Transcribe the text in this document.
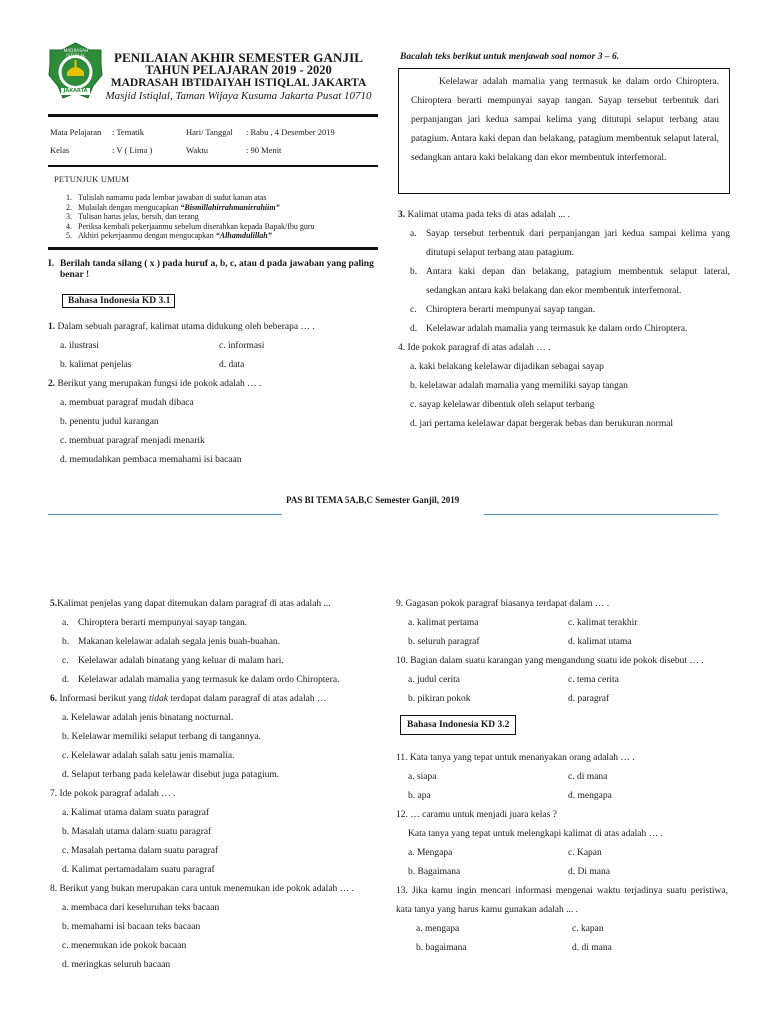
MADRASAH ISTIQLAL
JAKARTA
PENILAIAN AKHIR SEMESTER GANJIL
TAHUN PELAJARAN 2019 - 2020
MADRASAH IBTIDAIYAH ISTIQLAL JAKARTA
Masjid Istiqlal, Taman Wijaya Kusuma Jakarta Pusat 10710
Mata Pelajaran	: Tematik	Hari/ Tanggal	: Rabu , 4 Desember 2019
Kelas	: V ( Lima )	Waktu	: 90 Menit
PETUNJUK UMUM
1. Tulislah namamu pada lembar jawaban di sudut kanan atas
2. Mulailah dengan mengucapkan “Bismillahirrahmanirrahiim”
3. Tulisan harus jelas, bersih, dan terang
4. Periksa kembali pekerjaanmu sebelum diserahkan kepada Bapak/Ibu guru
5. Akhiri pekerjaanmu dengan mengucapkan “Alhamdulillah”
I. Berilah tanda silang ( x ) pada huruf a, b, c, atau d pada jawaban yang paling benar !
Bahasa Indonesia KD 3.1
1. Dalam sebuah paragraf, kalimat utama didukung oleh beberapa … .
a. ilustrasi	c. informasi
b. kalimat penjelas	d. data
2. Berikut yang merupakan fungsi ide pokok adalah … .
a. membuat paragraf mudah dibaca
b. penentu judul karangan
c. membuat paragraf menjadi menarik
d. memudahkan pembaca memahami isi bacaan
Bacalah teks berikut untuk menjawab soal nomor 3 – 6.

Kelelawar adalah mamalia yang termasuk ke dalam ordo Chiroptera. Chiroptera berarti mempunyai sayap tangan. Sayap tersebut terbentuk dari perpanjangan jari kedua sampai kelima yang ditutupi selaput terbang atau patagium. Antara kaki depan dan belakang, patagium membentuk selaput lateral, sedangkan antara kaki belakang dan ekor membentuk interfemoral.

3. Kalimat utama pada teks di atas adalah ... .
a. Sayap tersebut terbentuk dari perpanjangan jari kedua sampai kelima yang ditutupi selaput terbang atau patagium.
b. Antara kaki depan dan belakang, patagium membentuk selaput lateral, sedangkan antara kaki belakang dan ekor membentuk interfemoral.
c. Chiroptera berarti mempunyai sayap tangan.
d. Kelelawar adalah mamalia yang termasuk ke dalam ordo Chiroptera.
4. Ide pokok paragraf di atas adalah … .
a. kaki belakang kelelawar dijadikan sebagai sayap
b. kelelawar adalah mamalia yang memiliki sayap tangan
c. sayap kelelawar dibentuk oleh selaput terbang
d. jari pertama kelelawar dapat bergerak bebas dan berukuran normal
PAS BI TEMA 5A,B,C Semester Ganjil, 2019
5. Kalimat penjelas yang dapat ditemukan dalam paragraf di atas adalah ...
a. Chiroptera berarti mempunyai sayap tangan.
b. Makanan kelelawar adalah segala jenis buah-buahan.
c. Kelelawar adalah binatang yang keluar di malam hari.
d. Kelelawar adalah mamalia yang termasuk ke dalam ordo Chiroptera.
6. Informasi berikut yang tidak terdapat dalam paragraf di atas adalah …
a. Kelelawar adalah jenis binatang nocturnal.
b. Kelelawar memiliki selaput terbang di tangannya.
c. Kelelawar adalah salah satu jenis mamalia.
d. Selaput terbang pada kelelawar disebut juga patagium.
7. Ide pokok paragraf adalah … .
a. Kalimat utama dalam suatu paragraf
b. Masalah utama dalam suatu paragraf
c. Masalah pertama dalam suatu paragraf
d. Kalimat pertamadalam suatu paragraf
8. Berikut yang bukan merupakan cara untuk menemukan ide pokok adalah … .
a. membaca dari keseluruhan teks bacaan
b. memahami isi bacaan teks bacaan
c. menemukan ide pokok bacaan
d. meringkas seluruh bacaan
9. Gagasan pokok paragraf biasanya terdapat dalam … .
a. kalimat pertama	c. kalimat terakhir
b. seluruh paragraf	d. kalimat utama
10. Bagian dalam suatu karangan yang mengandung suatu ide pokok disebut … .
a. judul cerita	c. tema cerita
b. pikiran pokok	d. paragraf
Bahasa Indonesia KD 3.2
11. Kata tanya yang tepat untuk menanyakan orang adalah … .
a. siapa	c. di mana
b. apa	d. mengapa
12. … caramu untuk menjadi juara kelas ?
Kata tanya yang tepat untuk melengkapi kalimat di atas adalah … .
a. Mengapa	c. Kapan
b. Bagaimana	d. Di mana
13. Jika kamu ingin mencari informasi mengenai waktu terjadinya suatu peristiwa, kata tanya yang harus kamu gunakan adalah ... .
a. mengapa	c. kapan
b. bagaimana	d. di mana
